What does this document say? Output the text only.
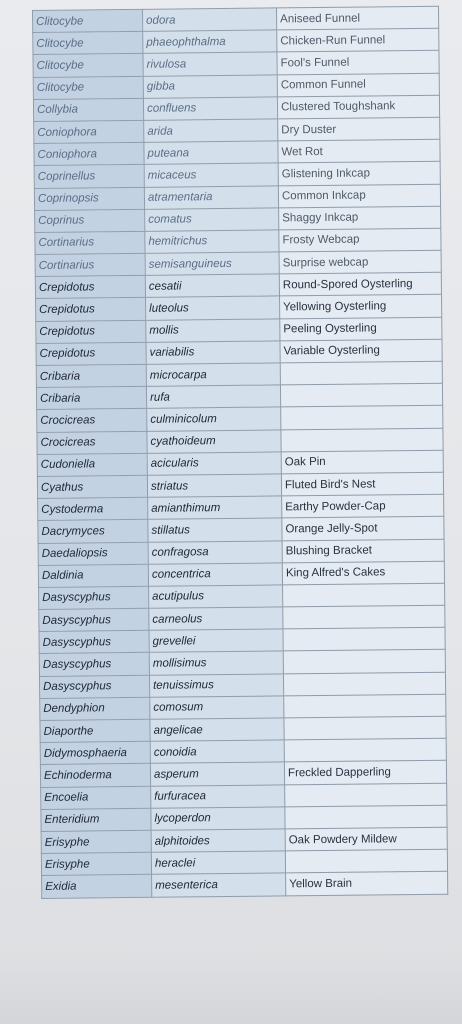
Clitocybe	odora	Aniseed Funnel
Clitocybe	phaeophthalma	Chicken-Run Funnel
Clitocybe	rivulosa	Fool's Funnel
Clitocybe	gibba	Common Funnel
Collybia	confluens	Clustered Toughshank
Coniophora	arida	Dry Duster
Coniophora	puteana	Wet Rot
Coprinellus	micaceus	Glistening Inkcap
Coprinopsis	atramentaria	Common Inkcap
Coprinus	comatus	Shaggy Inkcap
Cortinarius	hemitrichus	Frosty Webcap
Cortinarius	semisanguineus	Surprise webcap
Crepidotus	cesatii	Round-Spored Oysterling
Crepidotus	luteolus	Yellowing Oysterling
Crepidotus	mollis	Peeling Oysterling
Crepidotus	variabilis	Variable Oysterling
Cribaria	microcarpa	
Cribaria	rufa	
Crocicreas	culminicolum	
Crocicreas	cyathoideum	
Cudoniella	acicularis	Oak Pin
Cyathus	striatus	Fluted Bird's Nest
Cystoderma	amianthimum	Earthy Powder-Cap
Dacrymyces	stillatus	Orange Jelly-Spot
Daedaliopsis	confragosa	Blushing Bracket
Daldinia	concentrica	King Alfred's Cakes
Dasyscyphus	acutipulus	
Dasyscyphus	carneolus	
Dasyscyphus	grevellei	
Dasyscyphus	mollisimus	
Dasyscyphus	tenuissimus	
Dendyphion	comosum	
Diaporthe	angelicae	
Didymosphaeria	conoidia	
Echinoderma	asperum	Freckled Dapperling
Encoelia	furfuracea	
Enteridium	lycoperdon	
Erisyphe	alphitoides	Oak Powdery Mildew
Erisyphe	heraclei	
Exidia	mesenterica	Yellow Brain
